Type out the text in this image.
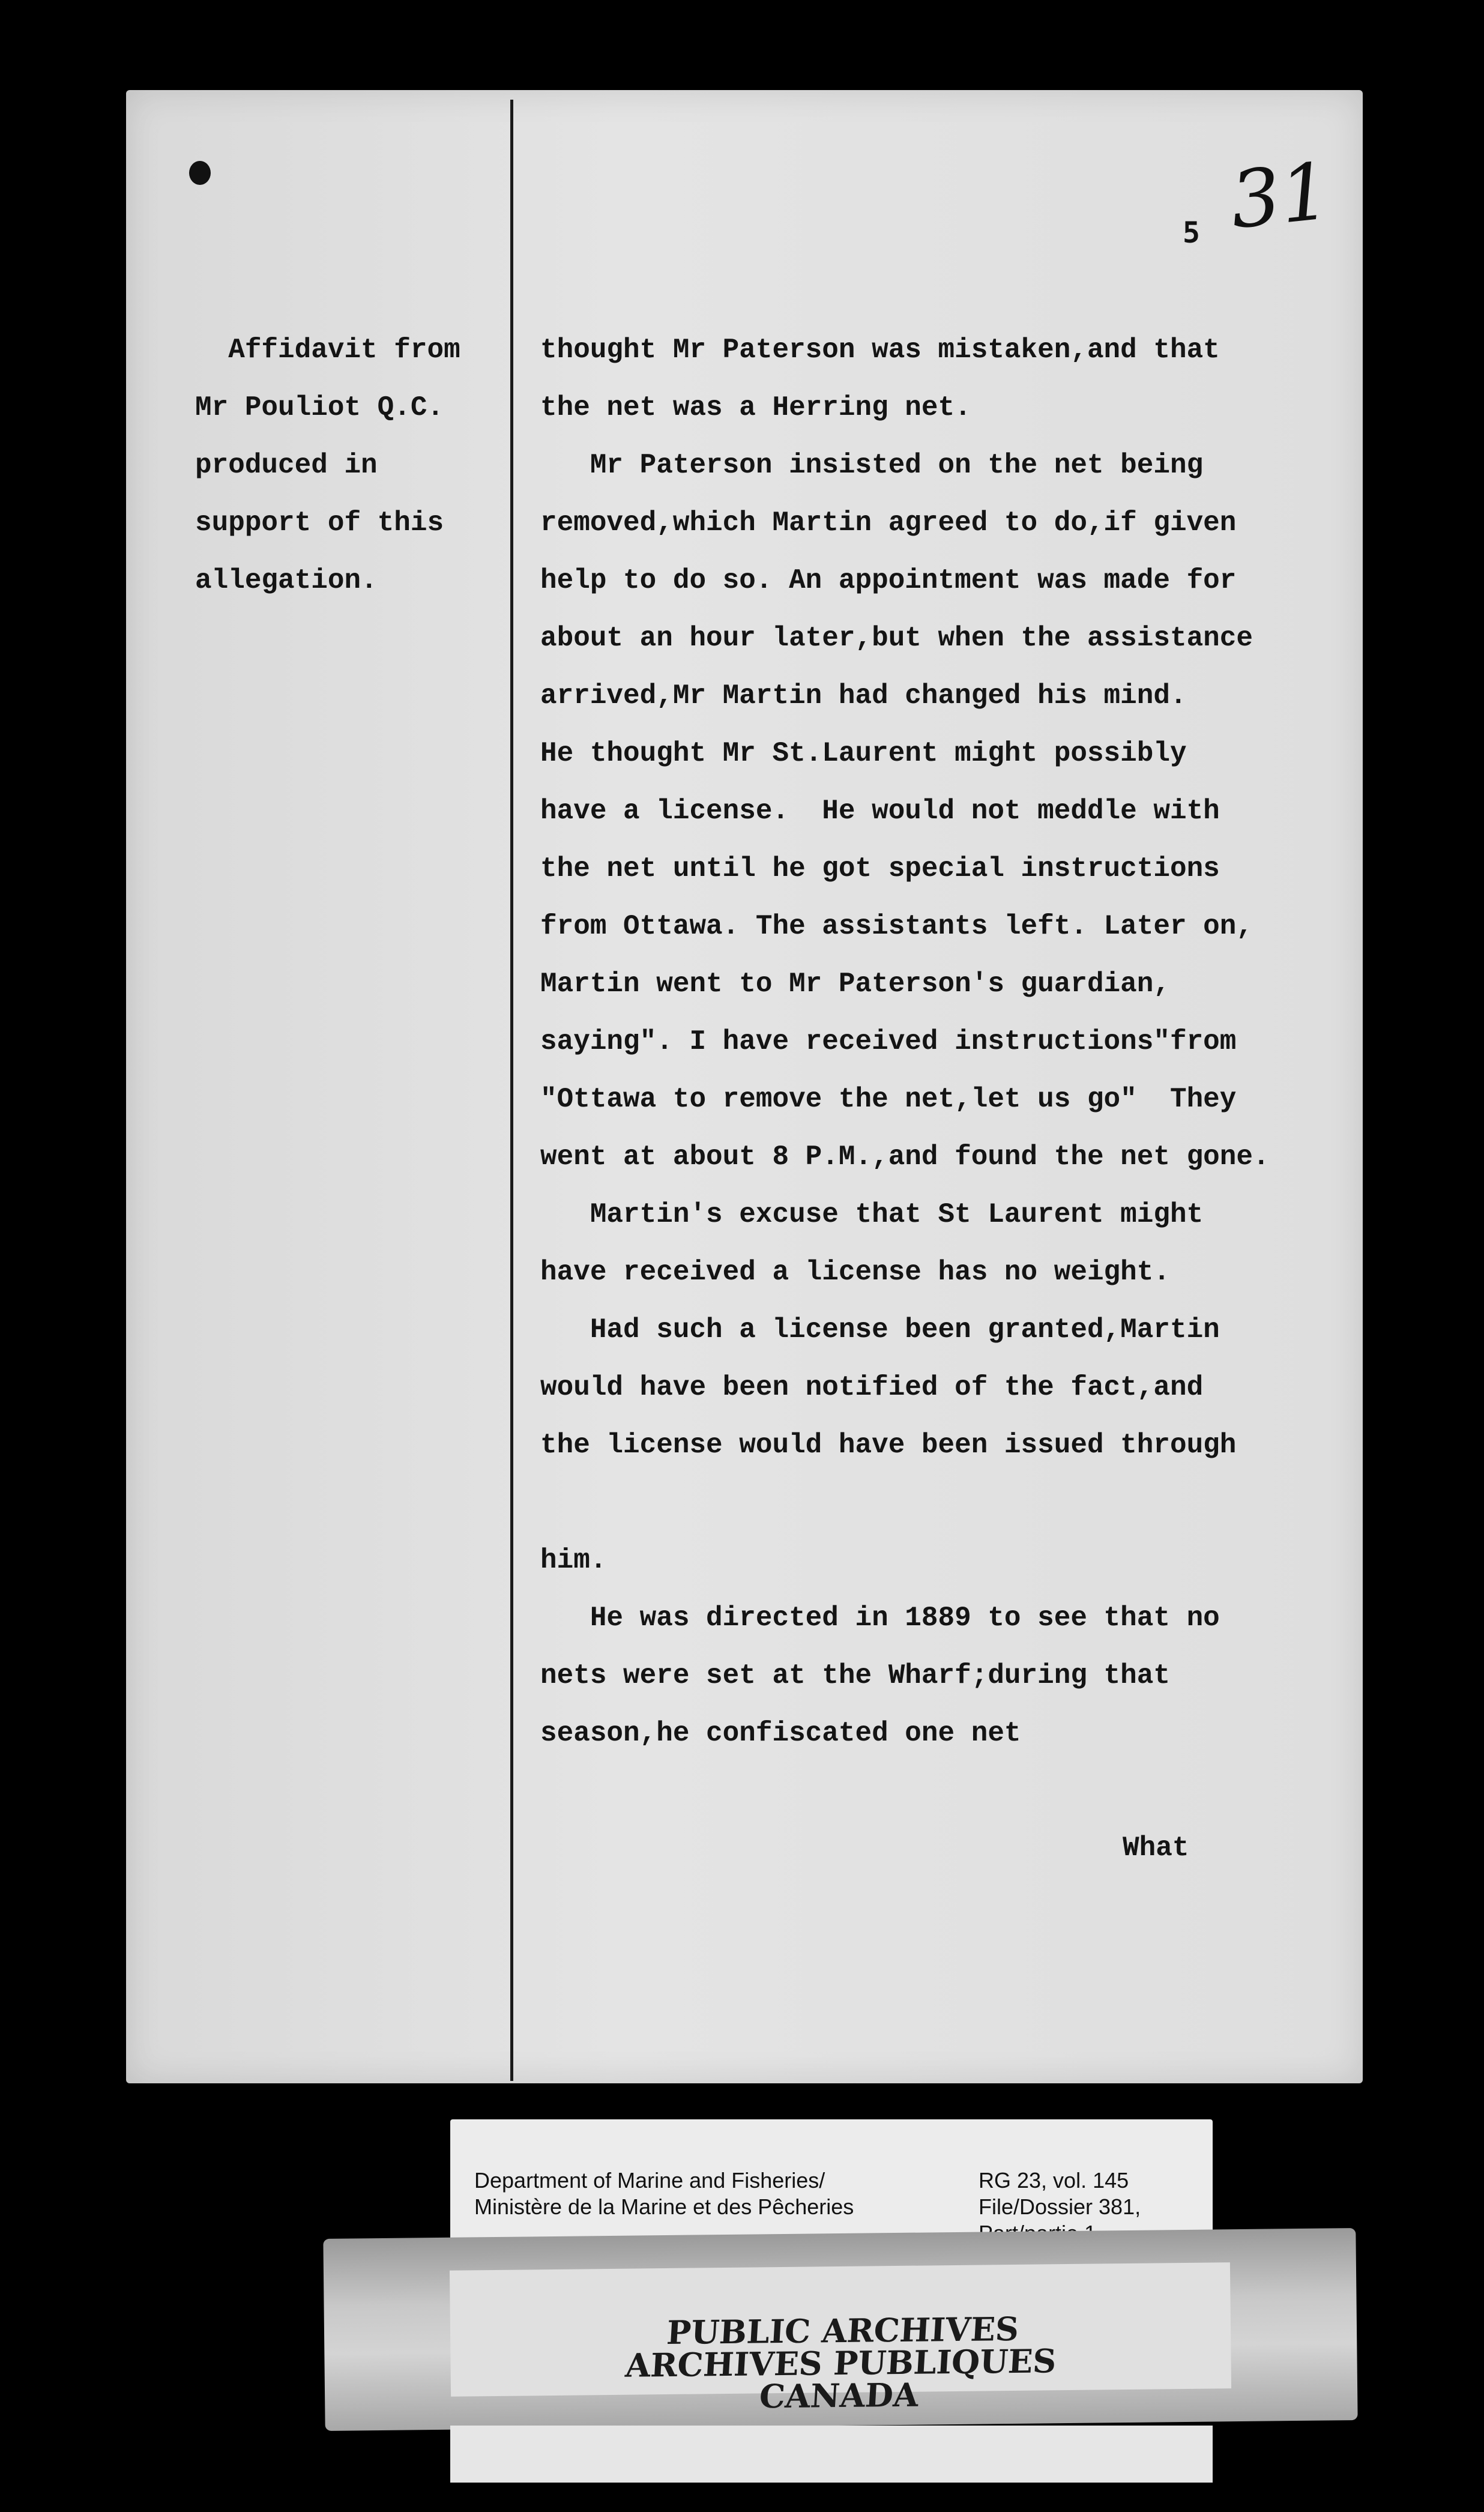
31
5
Affidavit from
Mr Pouliot Q.C.
produced in
support of this
allegation.
thought Mr Paterson was mistaken,and that
the net was a Herring net.
Mr Paterson insisted on the net being
removed,which Martin agreed to do,if given
help to do so. An appointment was made for
about an hour later,but when the assistance
arrived,Mr Martin had changed his mind.
He thought Mr St.Laurent might possibly
have a license.  He would not meddle with
the net until he got special instructions
from Ottawa. The assistants left. Later on,
Martin went to Mr Paterson's guardian,
saying". I have received instructions"from
"Ottawa to remove the net,let us go"  They
went at about 8 P.M.,and found the net gone.
Martin's excuse that St Laurent might
have received a license has no weight.
Had such a license been granted,Martin
would have been notified of the fact,and
the license would have been issued through
him.
He was directed in 1889 to see that no
nets were set at the Wharf;during that
season,he confiscated one net
What
Department of Marine and Fisheries/
Ministère de la Marine et des Pêcheries
RG 23, vol. 145
File/Dossier 381,
PUBLIC ARCHIVES
ARCHIVES PUBLIQUES
CANADA
